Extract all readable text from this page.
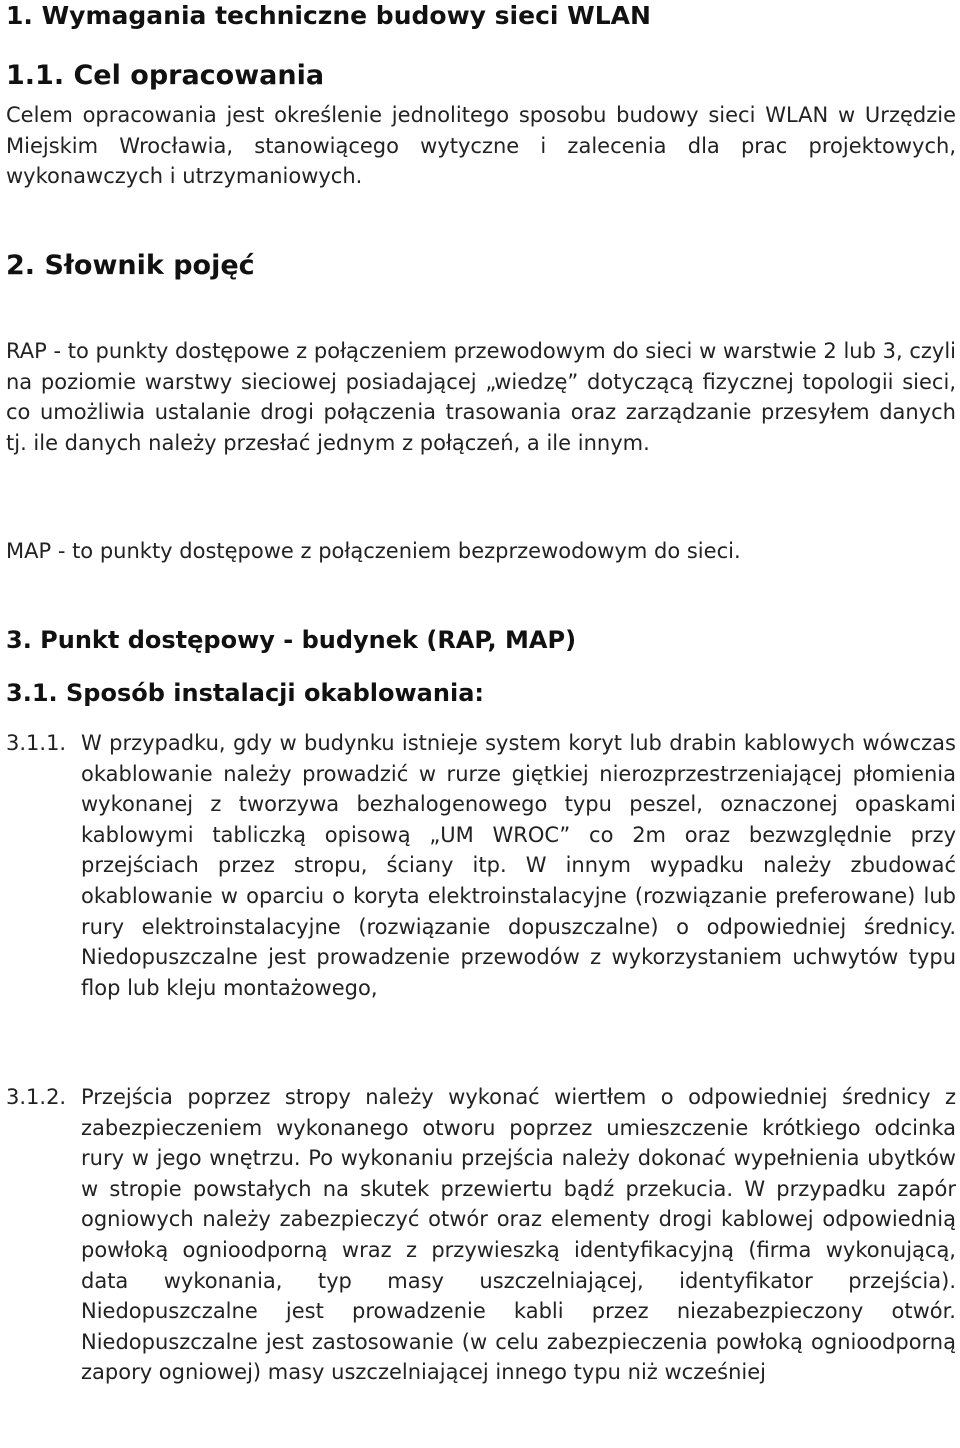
1. Wymagania techniczne budowy sieci WLAN
1.1. Cel opracowania
Celem opracowania jest określenie jednolitego sposobu budowy sieci WLAN w Urzędzie Miejskim Wrocławia, stanowiącego wytyczne i zalecenia dla prac projektowych, wykonawczych i utrzymaniowych.
2. Słownik pojęć
RAP - to punkty dostępowe z połączeniem przewodowym do sieci w warstwie 2 lub 3, czyli na poziomie warstwy sieciowej posiadającej „wiedzę” dotyczącą fizycznej topologii sieci, co umożliwia ustalanie drogi połączenia trasowania oraz zarządzanie przesyłem danych tj. ile danych należy przesłać jednym z połączeń, a ile innym.
MAP - to punkty dostępowe z połączeniem bezprzewodowym do sieci.
3. Punkt dostępowy - budynek (RAP, MAP)
3.1. Sposób instalacji okablowania:
3.1.1. W przypadku, gdy w budynku istnieje system koryt lub drabin kablowych wówczas okablowanie należy prowadzić w rurze giętkiej nierozprzestrzeniającej płomienia wykonanej z tworzywa bezhalogenowego typu peszel, oznaczonej opaskami kablowymi tabliczką opisową „UM WROC” co 2m oraz bezwzględnie przy przejściach przez stropu, ściany itp. W innym wypadku należy zbudować okablowanie w oparciu o koryta elektroinstalacyjne (rozwiązanie preferowane) lub rury elektroinstalacyjne (rozwiązanie dopuszczalne) o odpowiedniej średnicy. Niedopuszczalne jest prowadzenie przewodów z wykorzystaniem uchwytów typu flop lub kleju montażowego,
3.1.2. Przejścia poprzez stropy należy wykonać wiertłem o odpowiedniej średnicy z zabezpieczeniem wykonanego otworu poprzez umieszczenie krótkiego odcinka rury w jego wnętrzu. Po wykonaniu przejścia należy dokonać wypełnienia ubytków w stropie powstałych na skutek przewiertu bądź przekucia. W przypadku zapór ogniowych należy zabezpieczyć otwór oraz elementy drogi kablowej odpowiednią powłoką ognioodporną wraz z przywieszką identyfikacyjną (firma wykonującą, data wykonania, typ masy uszczelniającej, identyfikator przejścia). Niedopuszczalne jest prowadzenie kabli przez niezabezpieczony otwór. Niedopuszczalne jest zastosowanie (w celu zabezpieczenia powłoką ognioodporną zapory ogniowej) masy uszczelniającej innego typu niż wcześniej
